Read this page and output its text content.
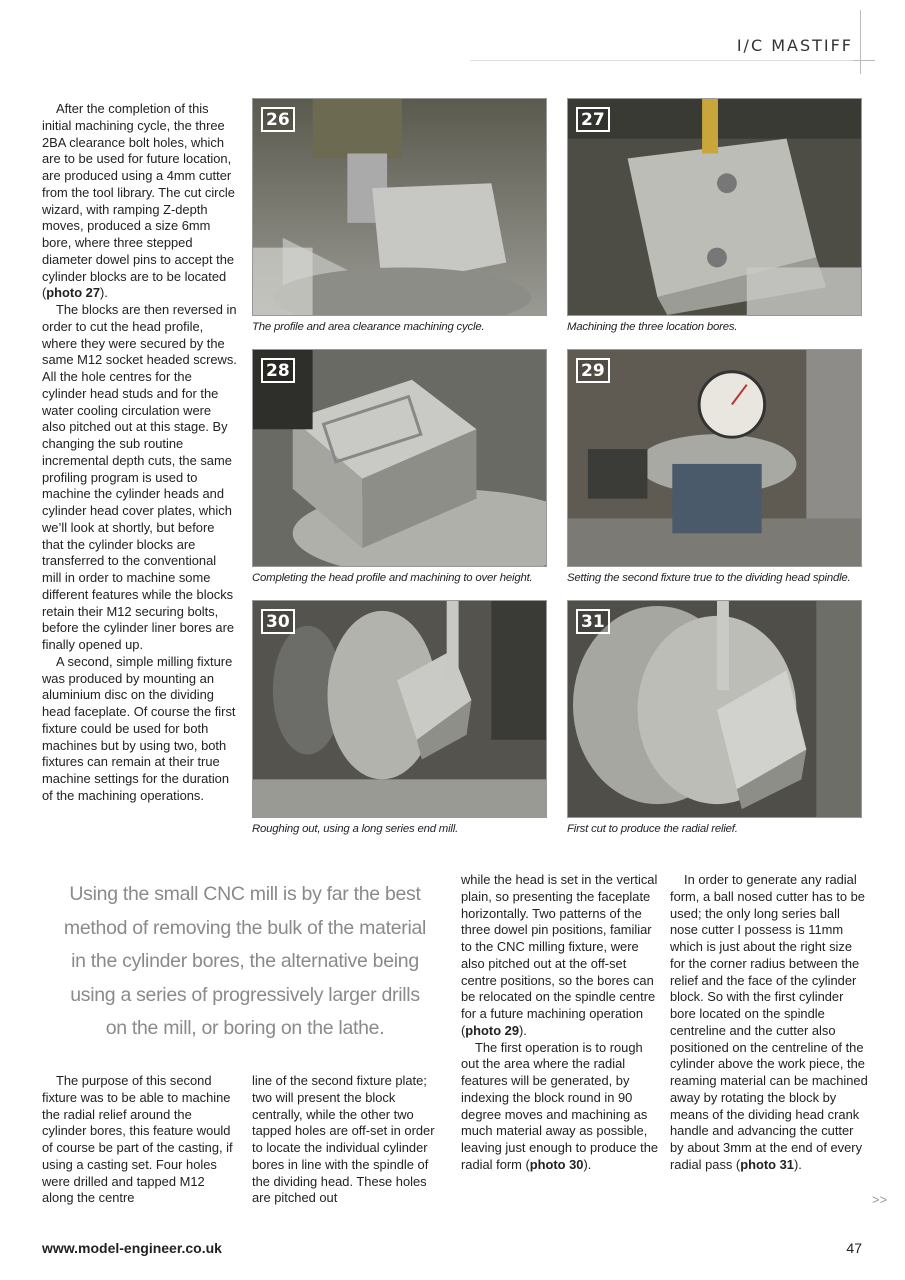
I/C MASTIFF

After the completion of this initial machining cycle, the three 2BA clearance bolt holes, which are to be used for future location, are produced using a 4mm cutter from the tool library. The cut circle wizard, with ramping Z-depth moves, produced a size 6mm bore, where three stepped diameter dowel pins to accept the cylinder blocks are to be located (photo 27).

The blocks are then reversed in order to cut the head profile, where they were secured by the same M12 socket headed screws. All the hole centres for the cylinder head studs and for the water cooling circulation were also pitched out at this stage. By changing the sub routine incremental depth cuts, the same profiling program is used to machine the cylinder heads and cylinder head cover plates, which we’ll look at shortly, but before that the cylinder blocks are transferred to the conventional mill in order to machine some different features while the blocks retain their M12 securing bolts, before the cylinder liner bores are finally opened up.

A second, simple milling fixture was produced by mounting an aluminium disc on the dividing head faceplate. Of course the first fixture could be used for both machines but by using two, both fixtures can remain at their true machine settings for the duration of the machining operations.

26
The profile and area clearance machining cycle.
27
Machining the three location bores.
28
Completing the head profile and machining to over height.
29
Setting the second fixture true to the dividing head spindle.
30
Roughing out, using a long series end mill.
31
First cut to produce the radial relief.
Using the small CNC mill is by far the best
method of removing the bulk of the material
in the cylinder bores, the alternative being
using a series of progressively larger drills
on the mill, or boring on the lathe.

The purpose of this second fixture was to be able to machine the radial relief around the cylinder bores, this feature would of course be part of the casting, if using a casting set. Four holes were drilled and tapped M12 along the centre

line of the second fixture plate; two will present the block centrally, while the other two tapped holes are off-set in order to locate the individual cylinder bores in line with the spindle of the dividing head. These holes are pitched out

while the head is set in the vertical plain, so presenting the faceplate horizontally. Two patterns of the three dowel pin positions, familiar to the CNC milling fixture, were also pitched out at the off-set centre positions, so the bores can be relocated on the spindle centre for a future machining operation (photo 29).

The first operation is to rough out the area where the radial features will be generated, by indexing the block round in 90 degree moves and machining as much material away as possible, leaving just enough to produce the radial form (photo 30).

In order to generate any radial form, a ball nosed cutter has to be used; the only long series ball nose cutter I possess is 11mm which is just about the right size for the corner radius between the relief and the face of the cylinder block. So with the first cylinder bore located on the spindle centreline and the cutter also positioned on the centreline of the cylinder above the work piece, the reaming material can be machined away by rotating the block by means of the dividing head crank handle and advancing the cutter by about 3mm at the end of every radial pass (photo 31).

>>
www.model-engineer.co.uk	47
